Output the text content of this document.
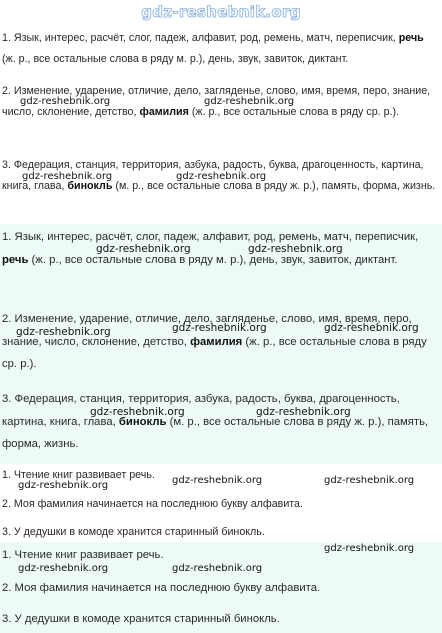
gdz-reshebnik.org
1. Язык, интерес, расчёт, слог, падеж, алфавит, род, ремень, матч, переписчик, речь (ж. р., все остальные слова в ряду м. р.), день, звук, завиток, диктант.
2. Изменение, ударение, отличие, дело, загляденье, слово, имя, время, перо, знание, число, склонение, детство, фамилия (ж. р., все остальные слова в ряду ср. р.).
3. Федерация, станция, территория, азбука, радость, буква, драгоценность, картина, книга, глава, бинокль (м. р., все остальные слова в ряду ж. р.), память, форма, жизнь.
gdz-reshebnik.org	gdz-reshebnik.org
gdz-reshebnik.org	gdz-reshebnik.org
1. Язык, интерес, расчёт, слог, падеж, алфавит, род, ремень, матч, переписчик, речь (ж. р., все остальные слова в ряду м. р.), день, звук, завиток, диктант.
2. Изменение, ударение, отличие, дело, загляденье, слово, имя, время, перо, знание, число, склонение, детство, фамилия (ж. р., все остальные слова в ряду ср. р.).
3. Федерация, станция, территория, азбука, радость, буква, драгоценность, картина, книга, глава, бинокль (м. р., все остальные слова в ряду ж. р.), память, форма, жизнь.
gdz-reshebnik.org	gdz-reshebnik.org
gdz-reshebnik.org	gdz-reshebnik.org	gdz-reshebnik.org
gdz-reshebnik.org	gdz-reshebnik.org
1. Чтение книг развивает речь.
2. Моя фамилия начинается на последнюю букву алфавита.
3. У дедушки в комоде хранится старинный бинокль.
gdz-reshebnik.org	gdz-reshebnik.org	gdz-reshebnik.org
1. Чтение книг развивает речь.
2. Моя фамилия начинается на последнюю букву алфавита.
3. У дедушки в комоде хранится старинный бинокль.
gdz-reshebnik.org
gdz-reshebnik.org	gdz-reshebnik.org
